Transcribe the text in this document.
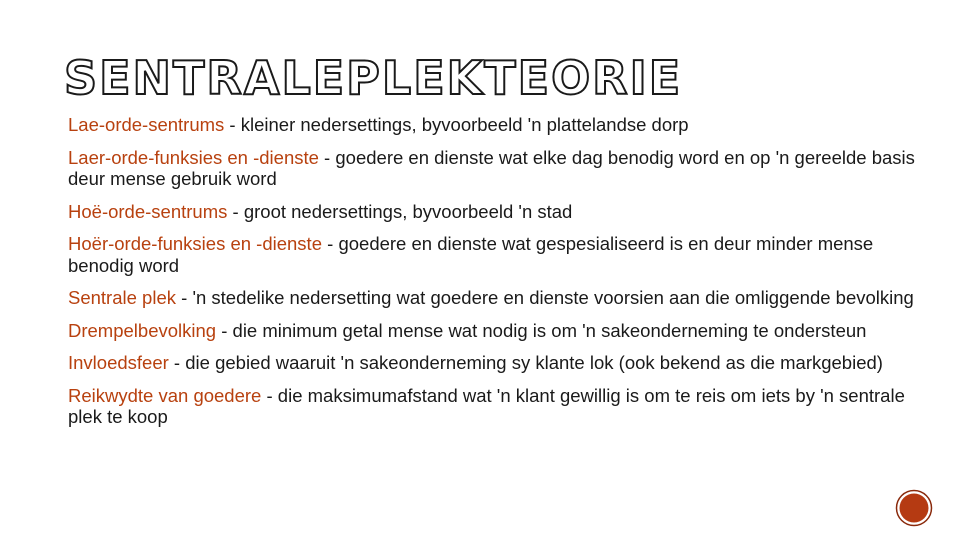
SENTRALEPLEKTEORIE
Lae-orde-sentrums - kleiner nedersettings, byvoorbeeld 'n plattelandse dorp
Laer-orde-funksies en -dienste - goedere en dienste wat elke dag benodig word en op 'n gereelde basis deur mense gebruik word
Hoë-orde-sentrums - groot nedersettings, byvoorbeeld 'n stad
Hoër-orde-funksies en -dienste - goedere en dienste wat gespesialiseerd is en deur minder mense benodig word
Sentrale plek - 'n stedelike nedersetting wat goedere en dienste voorsien aan die omliggende bevolking
Drempelbevolking - die minimum getal mense wat nodig is om 'n sakeonderneming te ondersteun
Invloedsfeer - die gebied waaruit 'n sakeonderneming sy klante lok (ook bekend as die markgebied)
Reikwydte van goedere - die maksimumafstand wat 'n klant gewillig is om te reis om iets by 'n sentrale plek te koop
